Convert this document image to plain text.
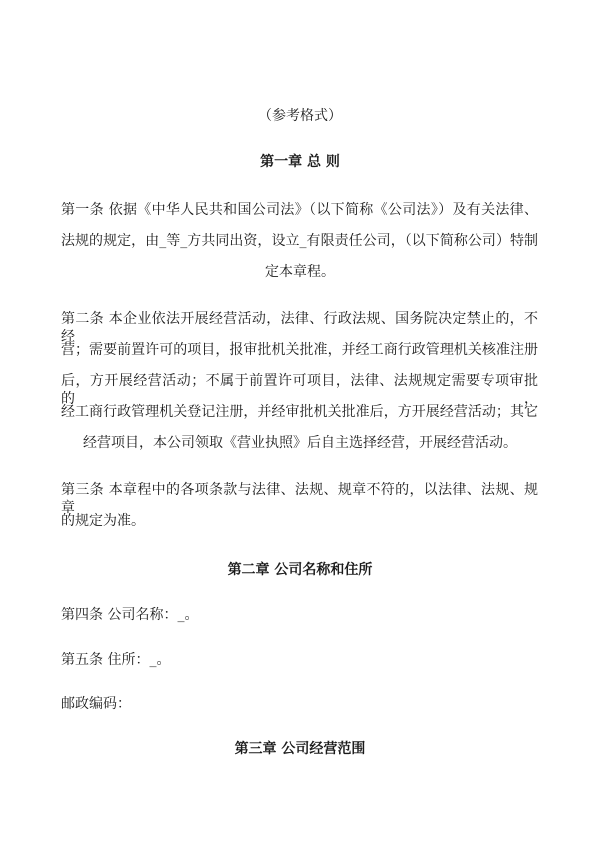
（参考格式）
第一章 总 则
第一条 依据《中华人民共和国公司法》（以下简称《公司法》）及有关法律、
法规的规定，由_等_方共同出资，设立_有限责任公司，（以下简称公司）特制
定本章程。
第二条 本企业依法开展经营活动，法律、行政法规、国务院决定禁止的，不经
营；需要前置许可的项目，报审批机关批准，并经工商行政管理机关核准注册
后，方开展经营活动；不属于前置许可项目，法律、法规规定需要专项审批的，
经工商行政管理机关登记注册，并经审批机关批准后，方开展经营活动；其它
经营项目，本公司领取《营业执照》后自主选择经营，开展经营活动。
第三条 本章程中的各项条款与法律、法规、规章不符的，以法律、法规、规章
的规定为准。
第二章 公司名称和住所
第四条 公司名称：_。
第五条 住所：_。
邮政编码：
第三章 公司经营范围
